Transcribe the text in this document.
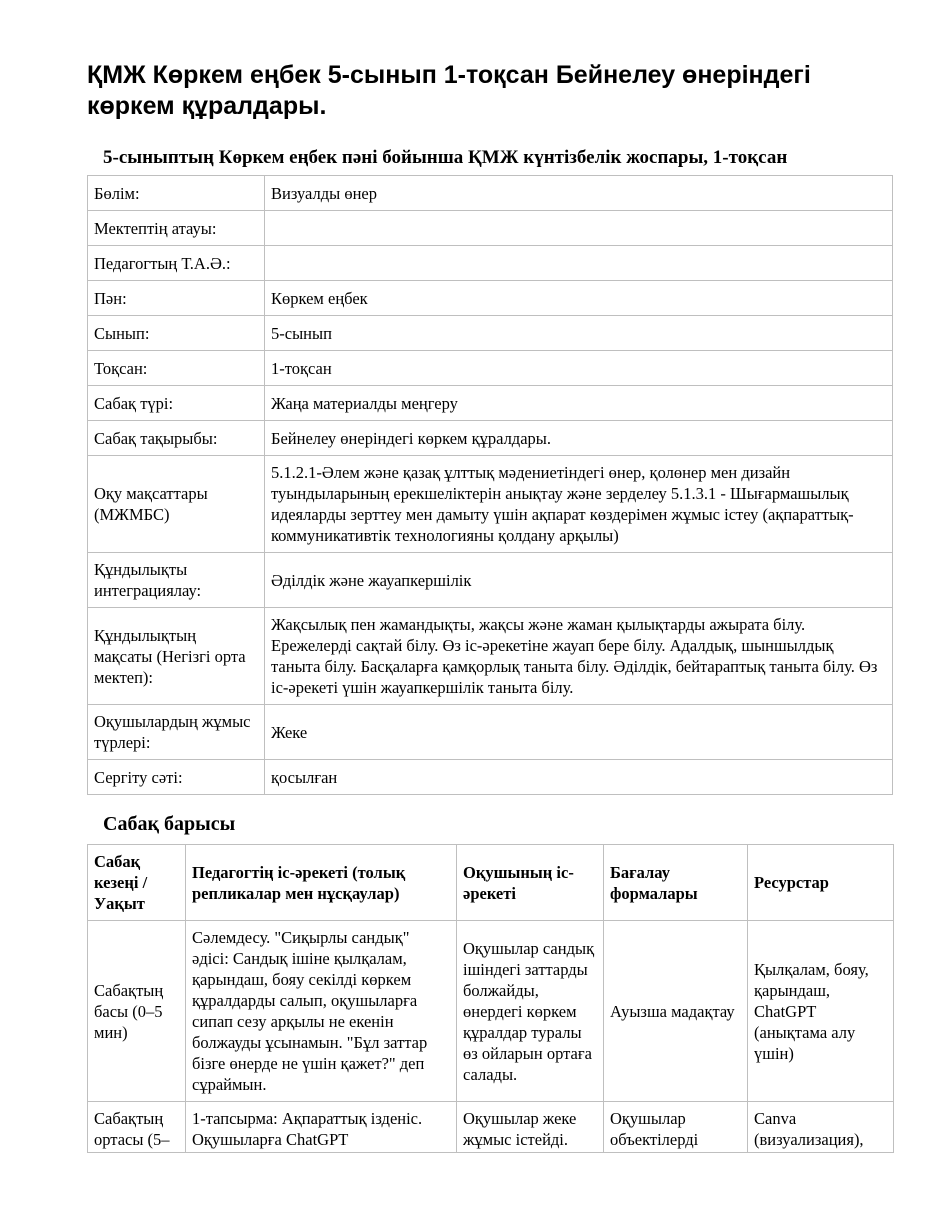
ҚМЖ Көркем еңбек 5-сынып 1-тоқсан Бейнелеу өнеріндегі көркем құралдары.
5-сыныптың Көркем еңбек пәні бойынша ҚМЖ күнтізбелік жоспары, 1-тоқсан
Бөлім:	Визуалды өнер
Мектептің атауы:	
Педагогтың Т.А.Ә.:	
Пән:	Көркем еңбек
Сынып:	5-сынып
Тоқсан:	1-тоқсан
Сабақ түрі:	Жаңа материалды меңгеру
Сабақ тақырыбы:	Бейнелеу өнеріндегі көркем құралдары.
Оқу мақсаттары (МЖМБС)	5.1.2.1-Әлем және қазақ ұлттық мәдениетіндегі өнер, қолөнер мен дизайн туындыларының ерекшеліктерін анықтау және зерделеу 5.1.3.1 - Шығармашылық идеяларды зерттеу мен дамыту үшін ақпарат көздерімен жұмыс істеу (ақпараттық-коммуникативтік технологияны қолдану арқылы)
Құндылықты интеграциялау:	Әділдік және жауапкершілік
Құндылықтың мақсаты (Негізгі орта мектеп):	Жақсылық пен жамандықты, жақсы және жаман қылықтарды ажырата білу. Ережелерді сақтай білу. Өз іс-әрекетіне жауап бере білу. Адалдық, шыншылдық таныта білу. Басқаларға қамқорлық таныта білу. Әділдік, бейтараптық таныта білу. Өз іс-әрекеті үшін жауапкершілік таныта білу.
Оқушылардың жұмыс түрлері:	Жеке
Сергіту сәті:	қосылған
Сабақ барысы
Сабақ кезеңі / Уақыт	Педагогтің іс-әрекеті (толық репликалар мен нұсқаулар)	Оқушының іс-әрекеті	Бағалау формалары	Ресурстар
Сабақтың басы (0–5 мин)	Сәлемдесу. "Сиқырлы сандық" әдісі: Сандық ішіне қылқалам, қарындаш, бояу секілді көркем құралдарды салып, оқушыларға сипап сезу арқылы не екенін болжауды ұсынамын. "Бұл заттар бізге өнерде не үшін қажет?" деп сұраймын.	Оқушылар сандық ішіндегі заттарды болжайды, өнердегі көркем құралдар туралы өз ойларын ортаға салады.	Ауызша мадақтау	Қылқалам, бояу, қарындаш, ChatGPT (анықтама алу үшін)
Сабақтың ортасы (5–	1-тапсырма: Ақпараттық ізденіс. Оқушыларға ChatGPT	Оқушылар жеке жұмыс істейді.	Оқушылар объектілерді	Canva (визуализация),
